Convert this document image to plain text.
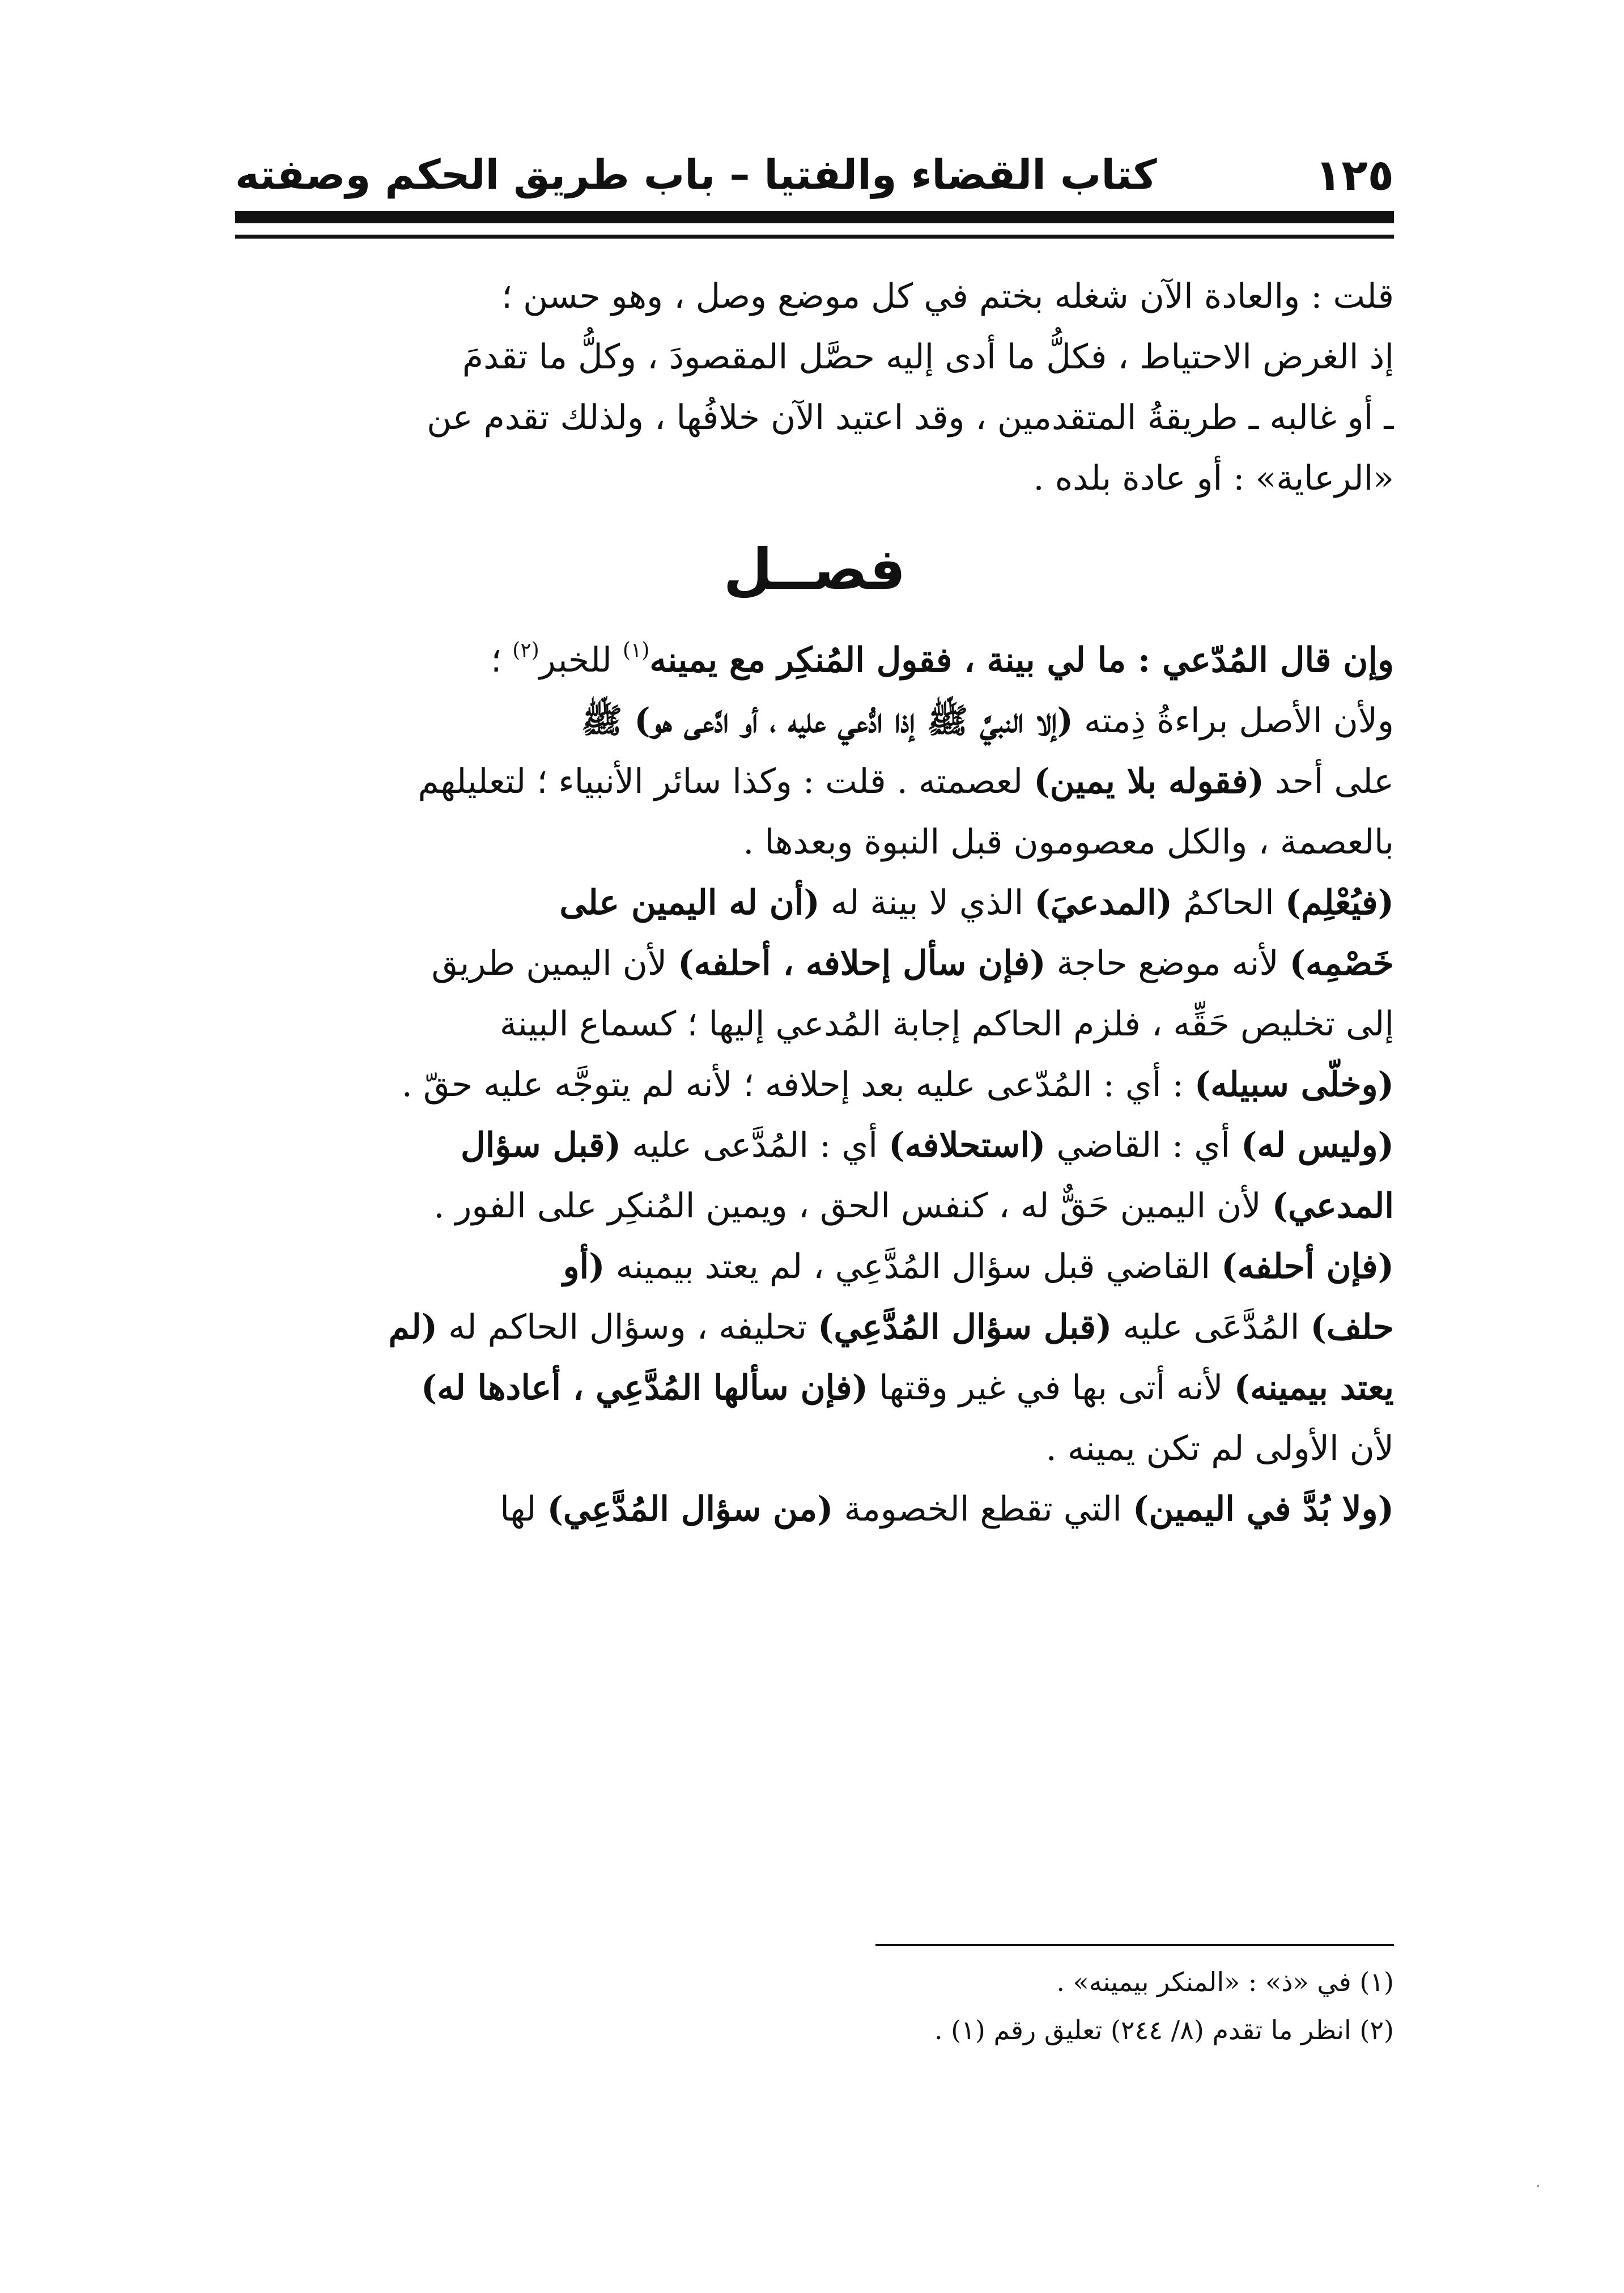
١٢٥
كتاب القضاء والفتيا – باب طريق الحكم وصفته

قلت : والعادة الآن شغله بختم في كل موضع وصل ، وهو حسن ؛
إذ الغرض الاحتياط ، فكلُّ ما أدى إليه حصَّل المقصودَ ، وكلُّ ما تقدمَ
ـ أو غالبه ـ طريقةُ المتقدمين ، وقد اعتيد الآن خلافُها ، ولذلك تقدم عن
«الرعاية» : أو عادة بلده .

فصــل

وإن قال المُدّعي : ما لي بينة ، فقول المُنكِر مع يمينه$^{(١)}$ للخبر$^{(٢)}$ ؛
ولأن الأصل براءةُ ذِمته (إلا النبيَّ ﷺ إذا ادُّعي عليه ، أو ادَّعى هو) ﷺ
على أحد (فقوله بلا يمين) لعصمته . قلت : وكذا سائر الأنبياء ؛ لتعليلهم
بالعصمة ، والكل معصومون قبل النبوة وبعدها .

(فيُعْلِم) الحاكمُ (المدعيَ) الذي لا بينة له (أن له اليمين على
خَصْمِه) لأنه موضع حاجة (فإن سأل إحلافه ، أحلفه) لأن اليمين طريق
إلى تخليص حَقِّه ، فلزم الحاكم إجابة المُدعي إليها ؛ كسماع البينة
(وخلّى سبيله) : أي : المُدّعى عليه بعد إحلافه ؛ لأنه لم يتوجَّه عليه حقّ .

(وليس له) أي : القاضي (استحلافه) أي : المُدَّعى عليه (قبل سؤال
المدعي) لأن اليمين حَقٌّ له ، كنفس الحق ، ويمين المُنكِر على الفور .

(فإن أحلفه) القاضي قبل سؤال المُدَّعِي ، لم يعتد بيمينه (أو
حلف) المُدَّعَى عليه (قبل سؤال المُدَّعِي) تحليفه ، وسؤال الحاكم له (لم
يعتد بيمينه) لأنه أتى بها في غير وقتها (فإن سألها المُدَّعِي ، أعادها له)
لأن الأولى لم تكن يمينه .

(ولا بُدَّ في اليمين) التي تقطع الخصومة (من سؤال المُدَّعِي) لها

(١) في «ذ» : «المنكر بيمينه» .

(٢) انظر ما تقدم (٨/ ٢٤٤) تعليق رقم (١) .
